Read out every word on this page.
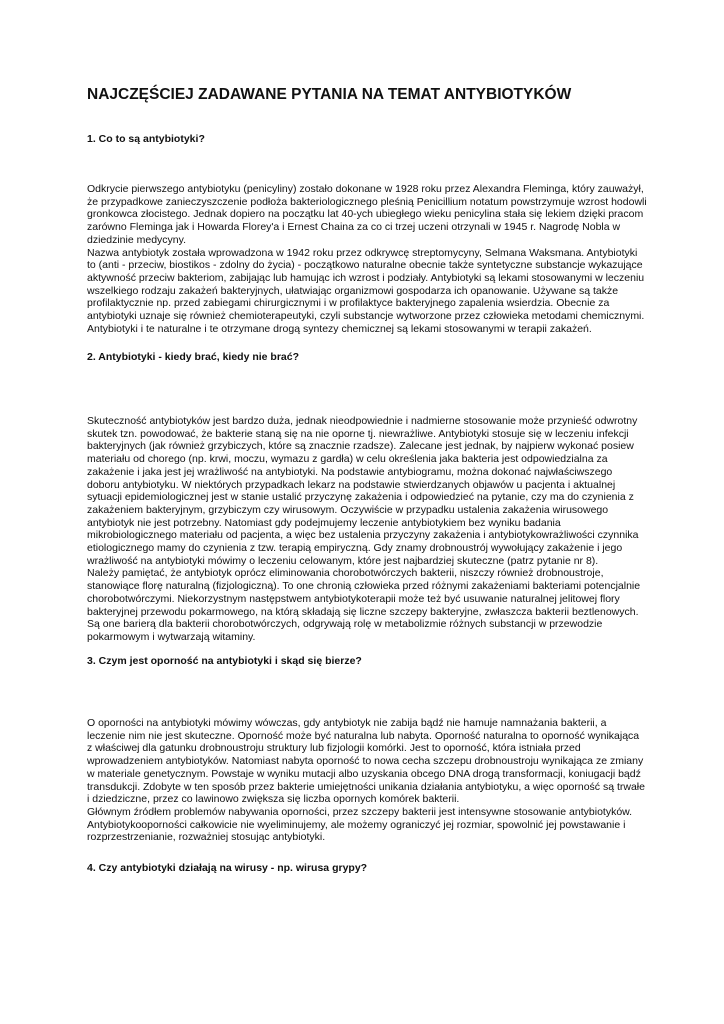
NAJCZĘŚCIEJ ZADAWANE PYTANIA NA TEMAT ANTYBIOTYKÓW
1. Co to są antybiotyki?

Odkrycie pierwszego antybiotyku (penicyliny) zostało dokonane w 1928 roku przez Alexandra Fleminga, który zauważył, że przypadkowe zanieczyszczenie podłoża bakteriologicznego pleśnią Penicillium notatum powstrzymuje wzrost hodowli gronkowca złocistego. Jednak dopiero na początku lat 40-ych ubiegłego wieku penicylina stała się lekiem dzięki pracom zarówno Fleminga jak i Howarda Florey'a i Ernest Chaina za co ci trzej uczeni otrzynali w 1945 r. Nagrodę Nobla w dziedzinie medycyny.

Nazwa antybiotyk została wprowadzona w 1942 roku przez odkrywcę streptomycyny, Selmana Waksmana. Antybiotyki to (anti - przeciw, biostikos - zdolny do życia) - początkowo naturalne obecnie także syntetyczne substancje wykazujące aktywność przeciw bakteriom, zabijając lub hamując ich wzrost i podziały. Antybiotyki są lekami stosowanymi w leczeniu wszelkiego rodzaju zakażeń bakteryjnych, ułatwiając organizmowi gospodarza ich opanowanie. Używane są także profilaktycznie np. przed zabiegami chirurgicznymi i w profilaktyce bakteryjnego zapalenia wsierdzia. Obecnie za antybiotyki uznaje się również chemioterapeutyki, czyli substancje wytworzone przez człowieka metodami chemicznymi. Antybiotyki i te naturalne i te otrzymane drogą syntezy chemicznej są lekami stosowanymi w terapii zakażeń.

2. Antybiotyki - kiedy brać, kiedy nie brać?

Skuteczność antybiotyków jest bardzo duża, jednak nieodpowiednie i nadmierne stosowanie może przynieść odwrotny skutek tzn. powodować, że bakterie staną się na nie oporne tj. niewrażliwe. Antybiotyki stosuje się w leczeniu infekcji bakteryjnych (jak również grzybiczych, które są znacznie rzadsze). Zalecane jest jednak, by najpierw wykonać posiew materiału od chorego (np. krwi, moczu, wymazu z gardła) w celu określenia jaka bakteria jest odpowiedzialna za zakażenie i jaka jest jej wrażliwość na antybiotyki. Na podstawie antybiogramu, można dokonać najwłaściwszego doboru antybiotyku. W niektórych przypadkach lekarz na podstawie stwierdzanych objawów u pacjenta i aktualnej sytuacji epidemiologicznej jest w stanie ustalić przyczynę zakażenia i odpowiedzieć na pytanie, czy ma do czynienia z zakażeniem bakteryjnym, grzybiczym czy wirusowym. Oczywiście w przypadku ustalenia zakażenia wirusowego antybiotyk nie jest potrzebny. Natomiast gdy podejmujemy leczenie antybiotykiem bez wyniku badania mikrobiologicznego materiału od pacjenta, a więc bez ustalenia przyczyny zakażenia i antybiotykowrażliwości czynnika etiologicznego mamy do czynienia z tzw. terapią empiryczną. Gdy znamy drobnoustrój wywołujący zakażenie i jego wrażliwość na antybiotyki mówimy o leczeniu celowanym, które jest najbardziej skuteczne (patrz pytanie nr 8).

Należy pamiętać, że antybiotyk oprócz eliminowania chorobotwórczych bakterii, niszczy również drobnoustroje, stanowiące florę naturalną (fizjologiczną). To one chronią człowieka przed różnymi zakażeniami bakteriami potencjalnie chorobotwórczymi. Niekorzystnym następstwem antybiotykoterapii może też być usuwanie naturalnej jelitowej flory bakteryjnej przewodu pokarmowego, na którą składają się liczne szczepy bakteryjne, zwłaszcza bakterii beztlenowych. Są one barierą dla bakterii chorobotwórczych, odgrywają rolę w metabolizmie różnych substancji w przewodzie pokarmowym i wytwarzają witaminy.

3. Czym jest oporność na antybiotyki i skąd się bierze?

O oporności na antybiotyki mówimy wówczas, gdy antybiotyk nie zabija bądź nie hamuje namnażania bakterii, a leczenie nim nie jest skuteczne. Oporność może być naturalna lub nabyta. Oporność naturalna to oporność wynikająca z właściwej dla gatunku drobnoustroju struktury lub fizjologii komórki. Jest to oporność, która istniała przed wprowadzeniem antybiotyków. Natomiast nabyta oporność to nowa cecha szczepu drobnoustroju wynikająca ze zmiany w materiale genetycznym. Powstaje w wyniku mutacji albo uzyskania obcego DNA drogą transformacji, koniugacji bądź transdukcji. Zdobyte w ten sposób przez bakterie umiejętności unikania działania antybiotyku, a więc oporność są trwałe i dziedziczne, przez co lawinowo zwiększa się liczba opornych komórek bakterii.

Głównym źródłem problemów nabywania oporności, przez szczepy bakterii jest intensywne stosowanie antybiotyków. Antybiotykooporności całkowicie nie wyeliminujemy, ale możemy ograniczyć jej rozmiar, spowolnić jej powstawanie i rozprzestrzenianie, rozważniej stosując antybiotyki.

4. Czy antybiotyki działają na wirusy - np. wirusa grypy?
